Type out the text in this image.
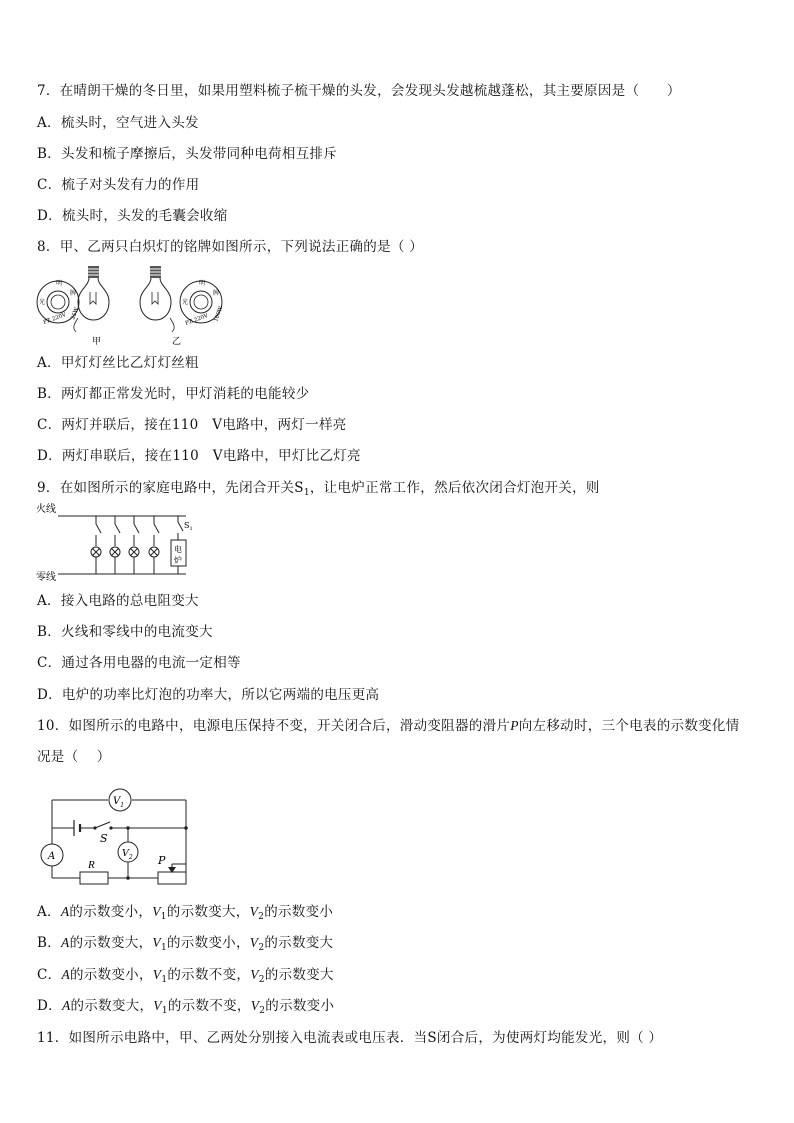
7．在晴朗干燥的冬日里，如果用塑料梳子梳干燥的头发，会发现头发越梳越蓬松，其主要原因是（　　）
A．梳头时，空气进入头发
B．头发和梳子摩擦后，头发带同种电荷相互排斥
C．梳子对头发有力的作用
D．梳头时，头发的毛囊会收缩
8．甲、乙两只白炽灯的铭牌如图所示，下列说法正确的是（ ）
明
光
牌
PZ 220V 25W
甲
明
光
牌
PZ 220V 100W
乙
A．甲灯灯丝比乙灯灯丝粗
B．两灯都正常发光时，甲灯消耗的电能较少
C．两灯并联后，接在110　V电路中，两灯一样亮
D．两灯串联后，接在110　V电路中，甲灯比乙灯亮
9．在如图所示的家庭电路中，先闭合开关$S_1$，让电炉正常工作，然后依次闭合灯泡开关，则
火线
零线
$S_1$
电
炉
A．接入电路的总电阻变大
B．火线和零线中的电流变大
C．通过各用电器的电流一定相等
D．电炉的功率比灯泡的功率大，所以它两端的电压更高
10．如图所示的电路中，电源电压保持不变，开关闭合后，滑动变阻器的滑片P向左移动时，三个电表的示数变化情
况是（　 ）
R
$V_1$
S
A	$V_2$ P
A．A的示数变小，$V_1$的示数变大，$V_2$的示数变小
B．A的示数变大，$V_1$的示数变小，$V_2$的示数变大
C．A的示数变小，$V_1$的示数不变，$V_2$的示数变大
D．A的示数变大，$V_1$的示数不变，$V_2$的示数变小
11．如图所示电路中，甲、乙两处分别接入电流表或电压表．当S闭合后，为使两灯均能发光，则（ ）
